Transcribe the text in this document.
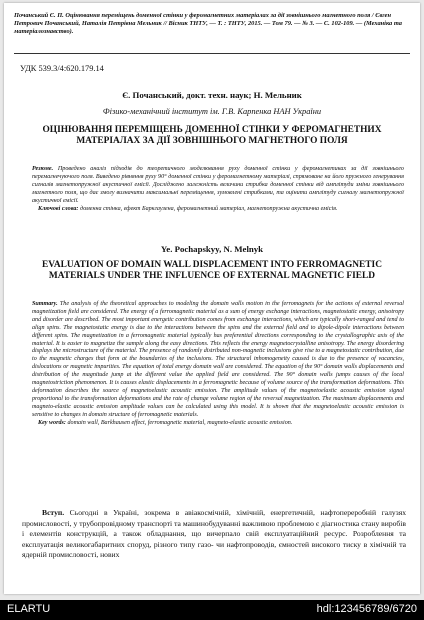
Почанський Є. П. Оцінювання переміщень доменної стінки у феромагнетних матеріалах за дії зовнішнього магнетного поля / Євген Петрович Почанський, Наталія Петрівна Мельник // Вісник ТНТУ, — Т. : ТНТУ, 2015. — Том 79. — № 3. — С. 102-109. — (Механіка та матеріалознавство).
УДК 539.3/4:620.179.14
Є. Почанський, докт. техн. наук; Н. Мельник
Фізико-механічний інститут ім. Г.В. Карпенка НАН України
ОЦІНЮВАННЯ ПЕРЕМІЩЕНЬ ДОМЕННОЇ СТІНКИ У ФЕРОМАГНЕТНИХ МАТЕРІАЛАХ ЗА ДІЇ ЗОВНІШНЬОГО МАГНЕТНОГО ПОЛЯ
Резюме. Проведено аналіз підходів до теоретичного моделювання руху доменної стінки у феромагнетиках за дії зовнішнього перемагнечуючого поля. Виведено рівняння руху 90° доменної стінки у феромагнетному матеріалі, спрямоване на його пружного генерування сигналів магнетопружної акустичної емісії. Досліджено залежність величини стрибка доменної стінки від амплітуди зміни зовнішнього магнетного поля, що дає змогу визначити максимальні переміщення, зумовлені стрибками, та оцінити амплітуду сигналу магнетопружної акустичної емісії.
Ключові слова: доменна стінка, ефект Баркгаузена, феромагнетний матеріал, магнетопружна акустична емісія.
Ye. Pochapskyy, N. Melnyk
EVALUATION OF DOMAIN WALL DISPLACEMENT INTO FERROMAGNETIC MATERIALS UNDER THE INFLUENCE OF EXTERNAL MAGNETIC FIELD
Summary. The analysis of the theoretical approaches to modeling the domain walls motion in the ferromagnets for the actions of external reversal magnetization field are considered. The energy of a ferromagnetic material as a sum of energy exchange interactions, magnetostatic energy, anisotropy and disorder are described. The most important energetic contribution comes from exchange interactions, which are typically short-ranged and tend to align spins. The magnetostatic energy is due to the interactions between the spins and the external field and to dipole-dipole interactions between different spins. The magnetization in a ferromagnetic material typically has preferential directions corresponding to the crystallographic axis of the material. It is easier to magnetize the sample along the easy directions. This reflects the energy magnetocrystalline anisotropy. The energy disordering displays the microstructure of the material. The presence of randomly distributed non-magnetic inclusions give rise to a magnetostatic contribution, due to the magnetic charges that form at the boundaries of the inclusions. The structural inhomogeneity caused is due to the presence of vacancies, dislocations or magnetic impurities. The equation of total energy domain wall are considered. The equation of the 90° domain walls displacements and distribution of the magnitude jump at the different value the applied field are considered. The 90° domain walls jumps causes of the local magnetostriction phenomenon. It is causes elastic displacements in a ferromagnetic because of volume source of the transformation deformations. This deformation describes the source of magnetoelastic acoustic emission. The amplitude values of the magnetoelastic acoustic emission signal proportional to the transformation deformations and the rate of change volume region of the reversal magnetization. The maximum displacements and magneto-elastic acoustic emission amplitude values can be calculated using this model. It is shown that the magnetoelastic acoustic emission is sensitive to changes in domain structure of ferromagnetic materials.
Key words: domain wall, Barkhausen effect, ferromagnetic material, magneto-elastic acoustic emission.
Вступ. Сьогодні в Україні, зокрема в авіакосмічній, хімічній, енергетичній, нафтопереробній галузях промисловості, у трубопровідному транспорті та машинобудуванні важливою проблемою є діагностика стану виробів і елементів конструкцій, а також обладнання, що вичерпало свій експлуатаційний ресурс. Розроблення та експлуатація великогабаритних споруд, різного типу газо- чи нафтопроводів, ємностей високого тиску в хімічній та ядерній промисловості, нових
ELARTU	hdl:123456789/6720
